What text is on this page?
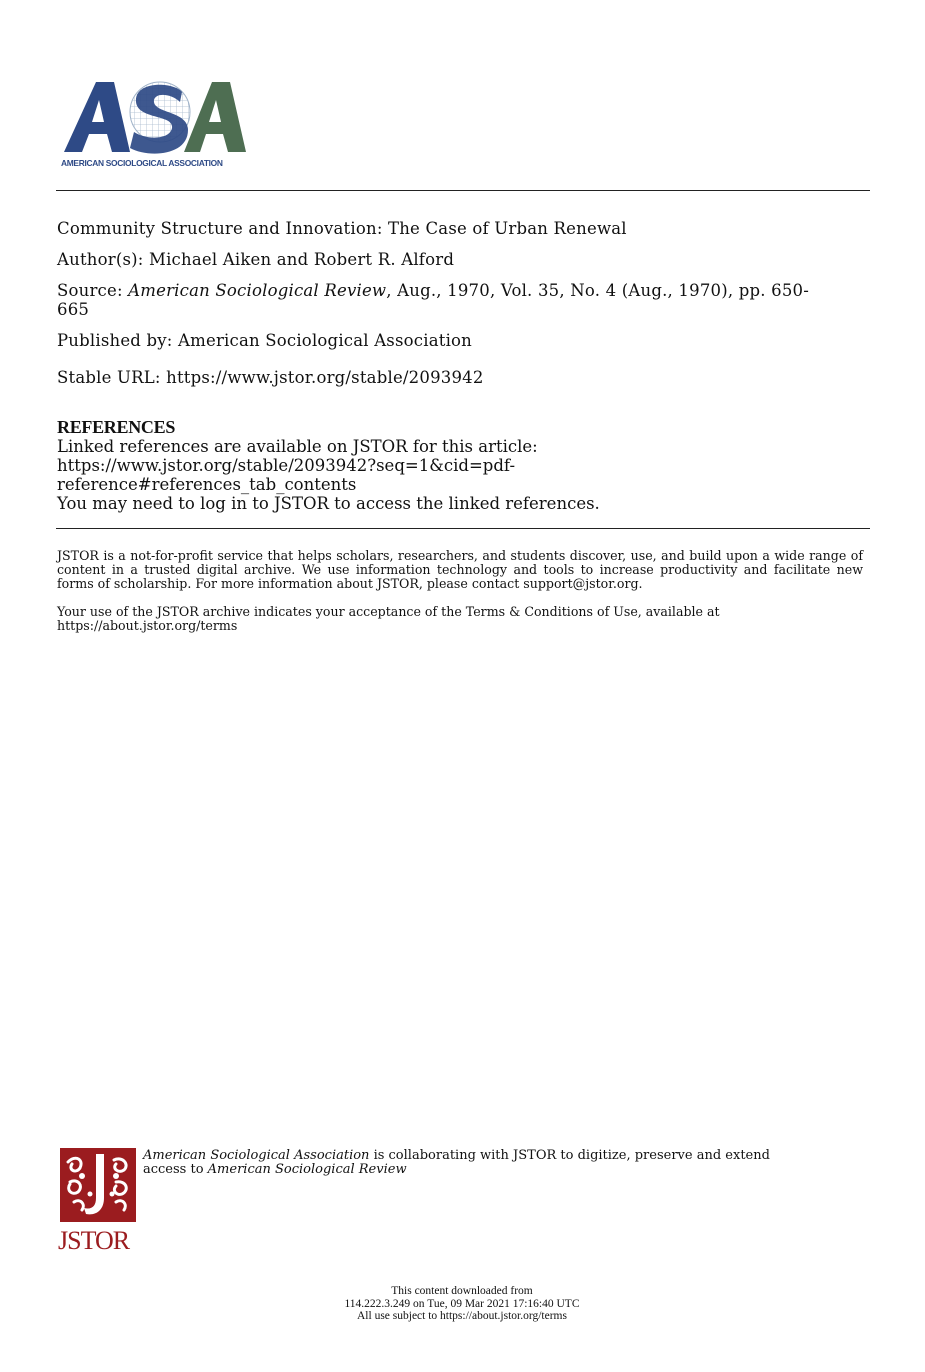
AMERICAN SOCIOLOGICAL ASSOCIATION
Community Structure and Innovation: The Case of Urban Renewal
Author(s): Michael Aiken and Robert R. Alford
Source: American Sociological Review, Aug., 1970, Vol. 35, No. 4 (Aug., 1970), pp. 650-
665
Published by: American Sociological Association
Stable URL: https://www.jstor.org/stable/2093942
REFERENCES
Linked references are available on JSTOR for this article:
https://www.jstor.org/stable/2093942?seq=1&cid=pdf-
reference#references_tab_contents
You may need to log in to JSTOR to access the linked references.
JSTOR is a not-for-profit service that helps scholars, researchers, and students discover, use, and build upon a wide range of content in a trusted digital archive. We use information technology and tools to increase productivity and facilitate new forms of scholarship. For more information about JSTOR, please contact support@jstor.org.
Your use of the JSTOR archive indicates your acceptance of the Terms & Conditions of Use, available at
https://about.jstor.org/terms
JSTOR
American Sociological Association is collaborating with JSTOR to digitize, preserve and extend
access to American Sociological Review
This content downloaded from
114.222.3.249 on Tue, 09 Mar 2021 17:16:40 UTC
All use subject to https://about.jstor.org/terms
